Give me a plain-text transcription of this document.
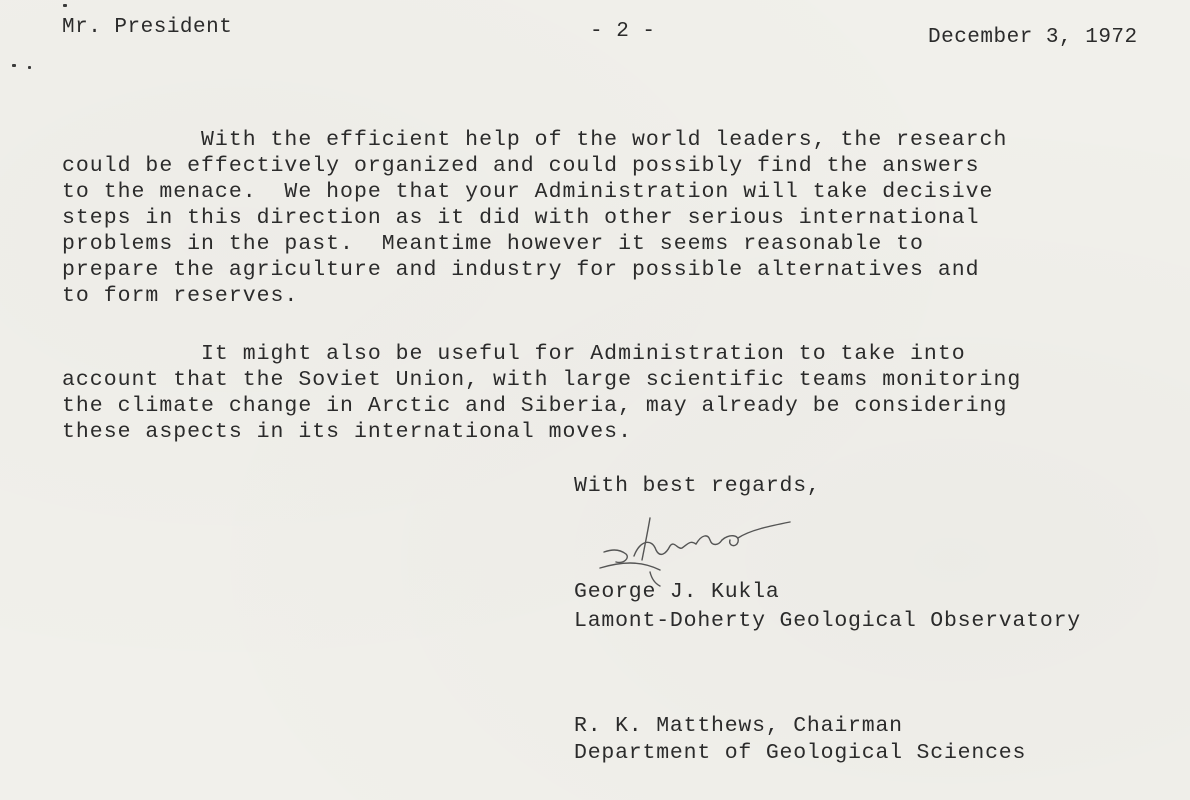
Mr. President	- 2 -	December 3, 1972
With the efficient help of the world leaders, the research
could be effectively organized and could possibly find the answers
to the menace.  We hope that your Administration will take decisive
steps in this direction as it did with other serious international
problems in the past.  Meantime however it seems reasonable to
prepare the agriculture and industry for possible alternatives and
to form reserves.
It might also be useful for Administration to take into
account that the Soviet Union, with large scientific teams monitoring
the climate change in Arctic and Siberia, may already be considering
these aspects in its international moves.
With best regards,
George J. Kukla
Lamont-Doherty Geological Observatory
R. K. Matthews, Chairman
Department of Geological Sciences
